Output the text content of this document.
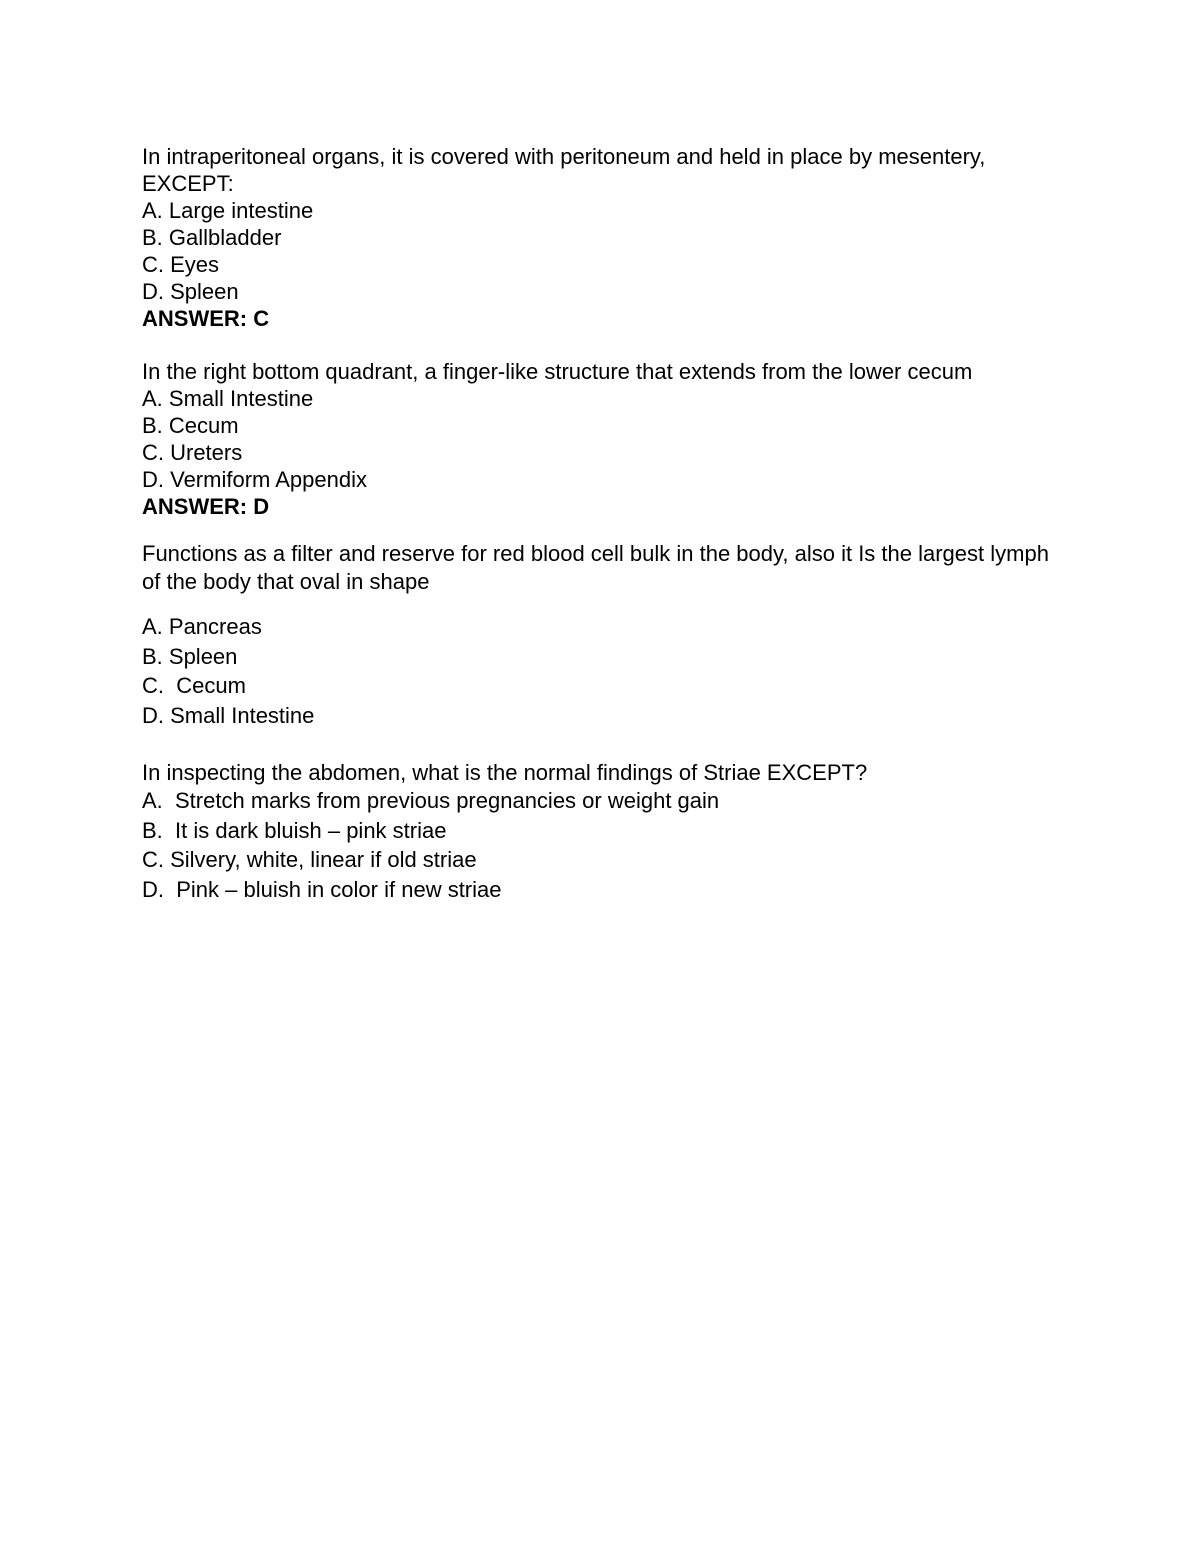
In intraperitoneal organs, it is covered with peritoneum and held in place by mesentery, EXCEPT:

A. Large intestine

B. Gallbladder

C. Eyes

D. Spleen

ANSWER: C

In the right bottom quadrant, a finger-like structure that extends from the lower cecum

A. Small Intestine

B. Cecum

C. Ureters

D. Vermiform Appendix

ANSWER: D

Functions as a filter and reserve for red blood cell bulk in the body, also it Is the largest lymph of the body that oval in shape

A. Pancreas

B. Spleen

C.  Cecum

D. Small Intestine

In inspecting the abdomen, what is the normal findings of Striae EXCEPT?

A.  Stretch marks from previous pregnancies or weight gain

B.  It is dark bluish – pink striae

C. Silvery, white, linear if old striae

D.  Pink – bluish in color if new striae
